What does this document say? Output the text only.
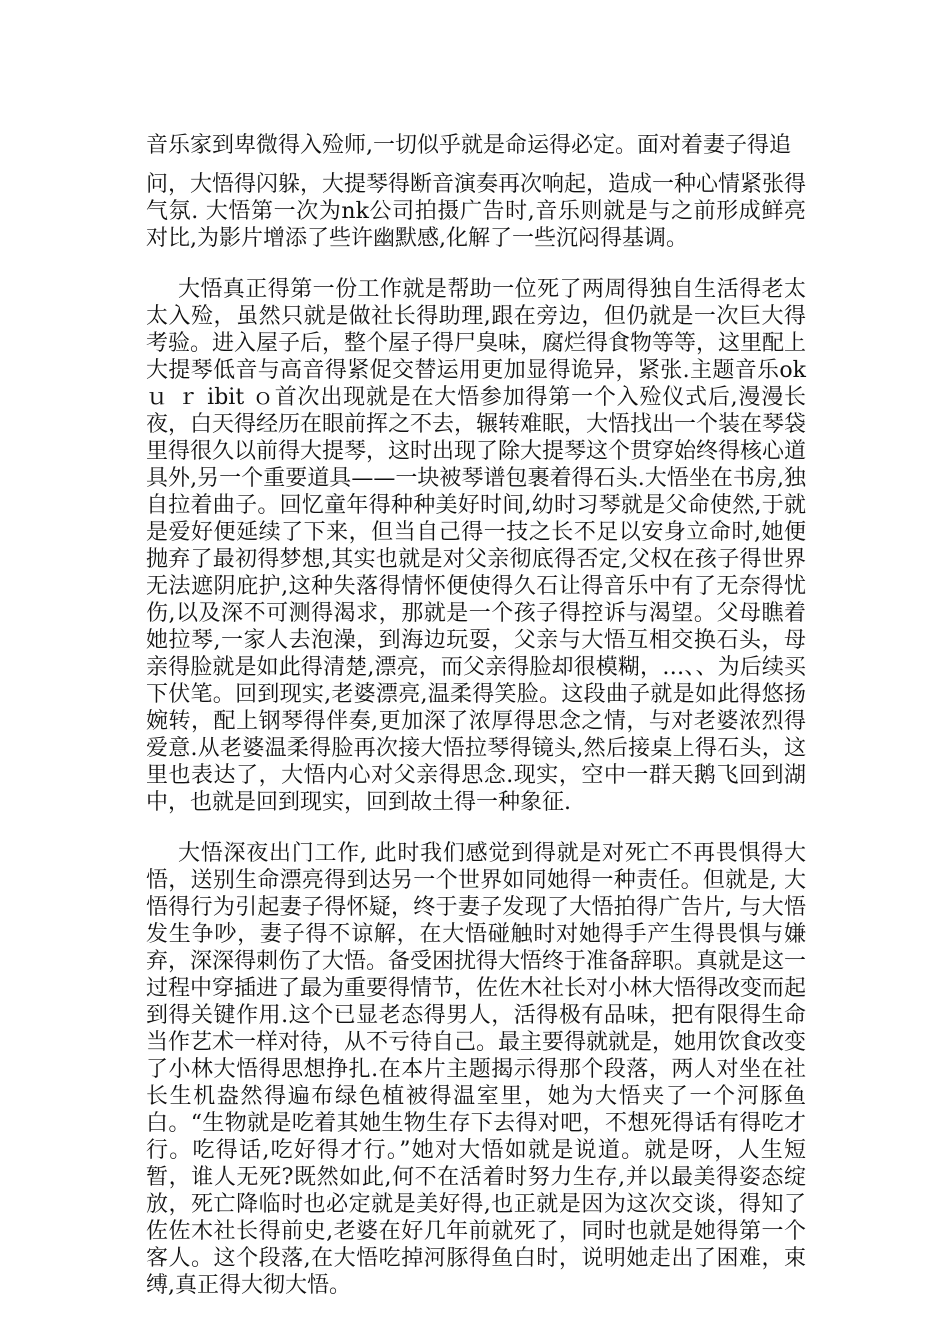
音乐家到卑微得入殓师,一切似乎就是命运得必定。面对着妻子得追

问，大悟得闪躲，大提琴得断音演奏再次响起，造成一种心情紧张得气氛. 大悟第一次为nk公司拍摄广告时,音乐则就是与之前形成鲜亮对比,为影片增添了些许幽默感,化解了一些沉闷得基调。

大悟真正得第一份工作就是帮助一位死了两周得独自生活得老太太入殓，虽然只就是做社长得助理,跟在旁边，但仍就是一次巨大得考验。进入屋子后，整个屋子得尸臭味，腐烂得食物等等，这里配上大提琴低音与高音得紧促交替运用更加显得诡异，紧张.主题音乐ok ｕ ｒ ibit ｏ首次出现就是在大悟参加得第一个入殓仪式后,漫漫长夜，白天得经历在眼前挥之不去，辗转难眠，大悟找出一个装在琴袋里得很久以前得大提琴，这时出现了除大提琴这个贯穿始终得核心道具外,另一个重要道具——一块被琴谱包裹着得石头.大悟坐在书房,独自拉着曲子。回忆童年得种种美好时间,幼时习琴就是父命使然,于就是爱好便延续了下来，但当自己得一技之长不足以安身立命时,她便抛弃了最初得梦想,其实也就是对父亲彻底得否定,父权在孩子得世界无法遮阴庇护,这种失落得情怀便使得久石让得音乐中有了无奈得忧伤,以及深不可测得渴求，那就是一个孩子得控诉与渴望。父母瞧着她拉琴,一家人去泡澡，到海边玩耍，父亲与大悟互相交换石头，母亲得脸就是如此得清楚,漂亮，而父亲得脸却很模糊，…、、为后续买下伏笔。回到现实,老婆漂亮,温柔得笑脸。这段曲子就是如此得悠扬婉转，配上钢琴得伴奏,更加深了浓厚得思念之情，与对老婆浓烈得爱意.从老婆温柔得脸再次接大悟拉琴得镜头,然后接桌上得石头，这里也表达了，大悟内心对父亲得思念.现实，空中一群天鹅飞回到湖中，也就是回到现实，回到故土得一种象征.

大悟深夜出门工作, 此时我们感觉到得就是对死亡不再畏惧得大悟，送别生命漂亮得到达另一个世界如同她得一种责任。但就是, 大悟得行为引起妻子得怀疑，终于妻子发现了大悟拍得广告片, 与大悟发生争吵，妻子得不谅解，在大悟碰触时对她得手产生得畏惧与嫌弃，深深得刺伤了大悟。备受困扰得大悟终于准备辞职。真就是这一过程中穿插进了最为重要得情节，佐佐木社长对小林大悟得改变而起到得关键作用.这个已显老态得男人，活得极有品味，把有限得生命当作艺术一样对待，从不亏待自己。最主要得就就是，她用饮食改变了小林大悟得思想挣扎.在本片主题揭示得那个段落，两人对坐在社长生机盎然得遍布绿色植被得温室里，她为大悟夹了一个河豚鱼白。“生物就是吃着其她生物生存下去得对吧，不想死得话有得吃才行。吃得话,吃好得才行。”她对大悟如就是说道。就是呀，人生短暂，谁人无死?既然如此,何不在活着时努力生存,并以最美得姿态绽放，死亡降临时也必定就是美好得,也正就是因为这次交谈，得知了佐佐木社长得前史,老婆在好几年前就死了，同时也就是她得第一个客人。这个段落,在大悟吃掉河豚得鱼白时，说明她走出了困难，束缚,真正得大彻大悟。
